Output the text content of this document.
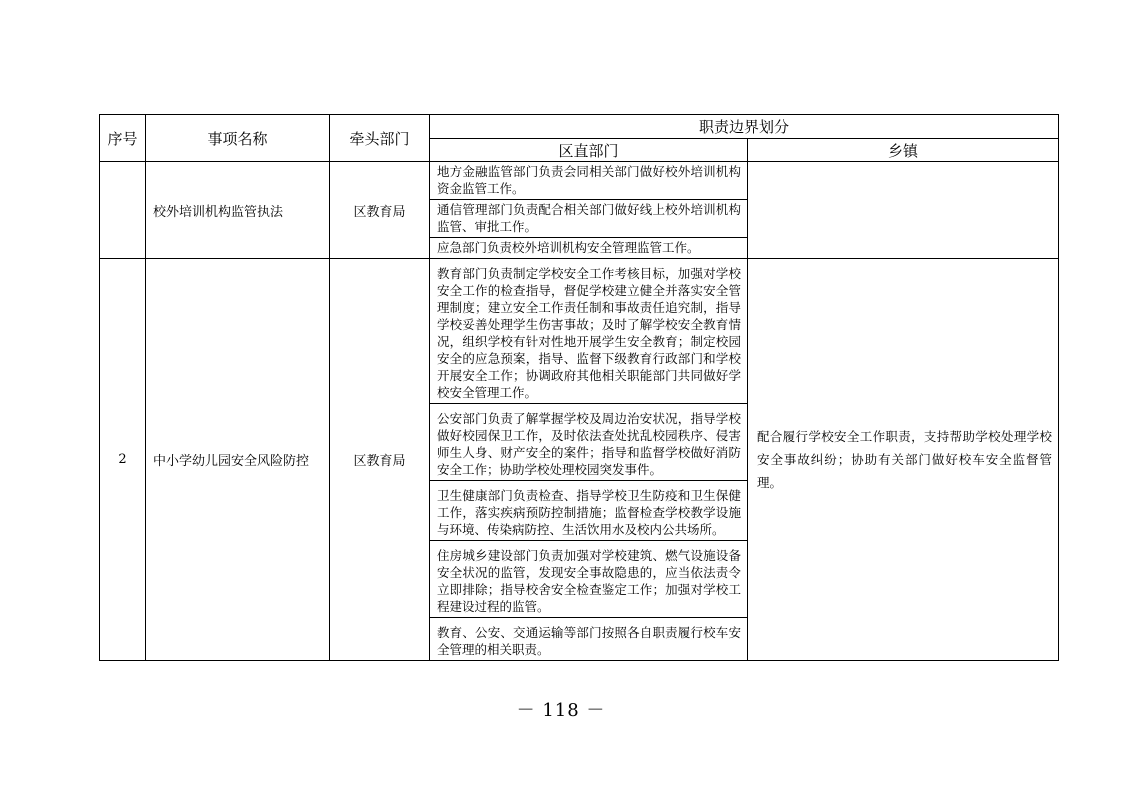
序号	事项名称	牵头部门	职责边界划分	
			区直部门	乡镇
	校外培训机构监管执法	区教育局	地方金融监管部门负责会同相关部门做好校外培训机构资金监管工作。	
			通信管理部门负责配合相关部门做好线上校外培训机构监管、审批工作。	
			应急部门负责校外培训机构安全管理监管工作。	
2	中小学幼儿园安全风险防控	区教育局	教育部门负责制定学校安全工作考核目标，加强对学校安全工作的检查指导，督促学校建立健全并落实安全管理制度；建立安全工作责任制和事故责任追究制，指导学校妥善处理学生伤害事故；及时了解学校安全教育情况，组织学校有针对性地开展学生安全教育；制定校园安全的应急预案，指导、监督下级教育行政部门和学校开展安全工作；协调政府其他相关职能部门共同做好学校安全管理工作。	配合履行学校安全工作职责，支持帮助学校处理学校安全事故纠纷；协助有关部门做好校车安全监督管理。
			公安部门负责了解掌握学校及周边治安状况，指导学校做好校园保卫工作，及时依法查处扰乱校园秩序、侵害师生人身、财产安全的案件；指导和监督学校做好消防安全工作；协助学校处理校园突发事件。	
			卫生健康部门负责检查、指导学校卫生防疫和卫生保健工作，落实疾病预防控制措施；监督检查学校教学设施与环境、传染病防控、生活饮用水及校内公共场所。	
			住房城乡建设部门负责加强对学校建筑、燃气设施设备安全状况的监管，发现安全事故隐患的，应当依法责令立即排除；指导校舍安全检查鉴定工作；加强对学校工程建设过程的监管。	
			教育、公安、交通运输等部门按照各自职责履行校车安全管理的相关职责。	
－ 118 －
